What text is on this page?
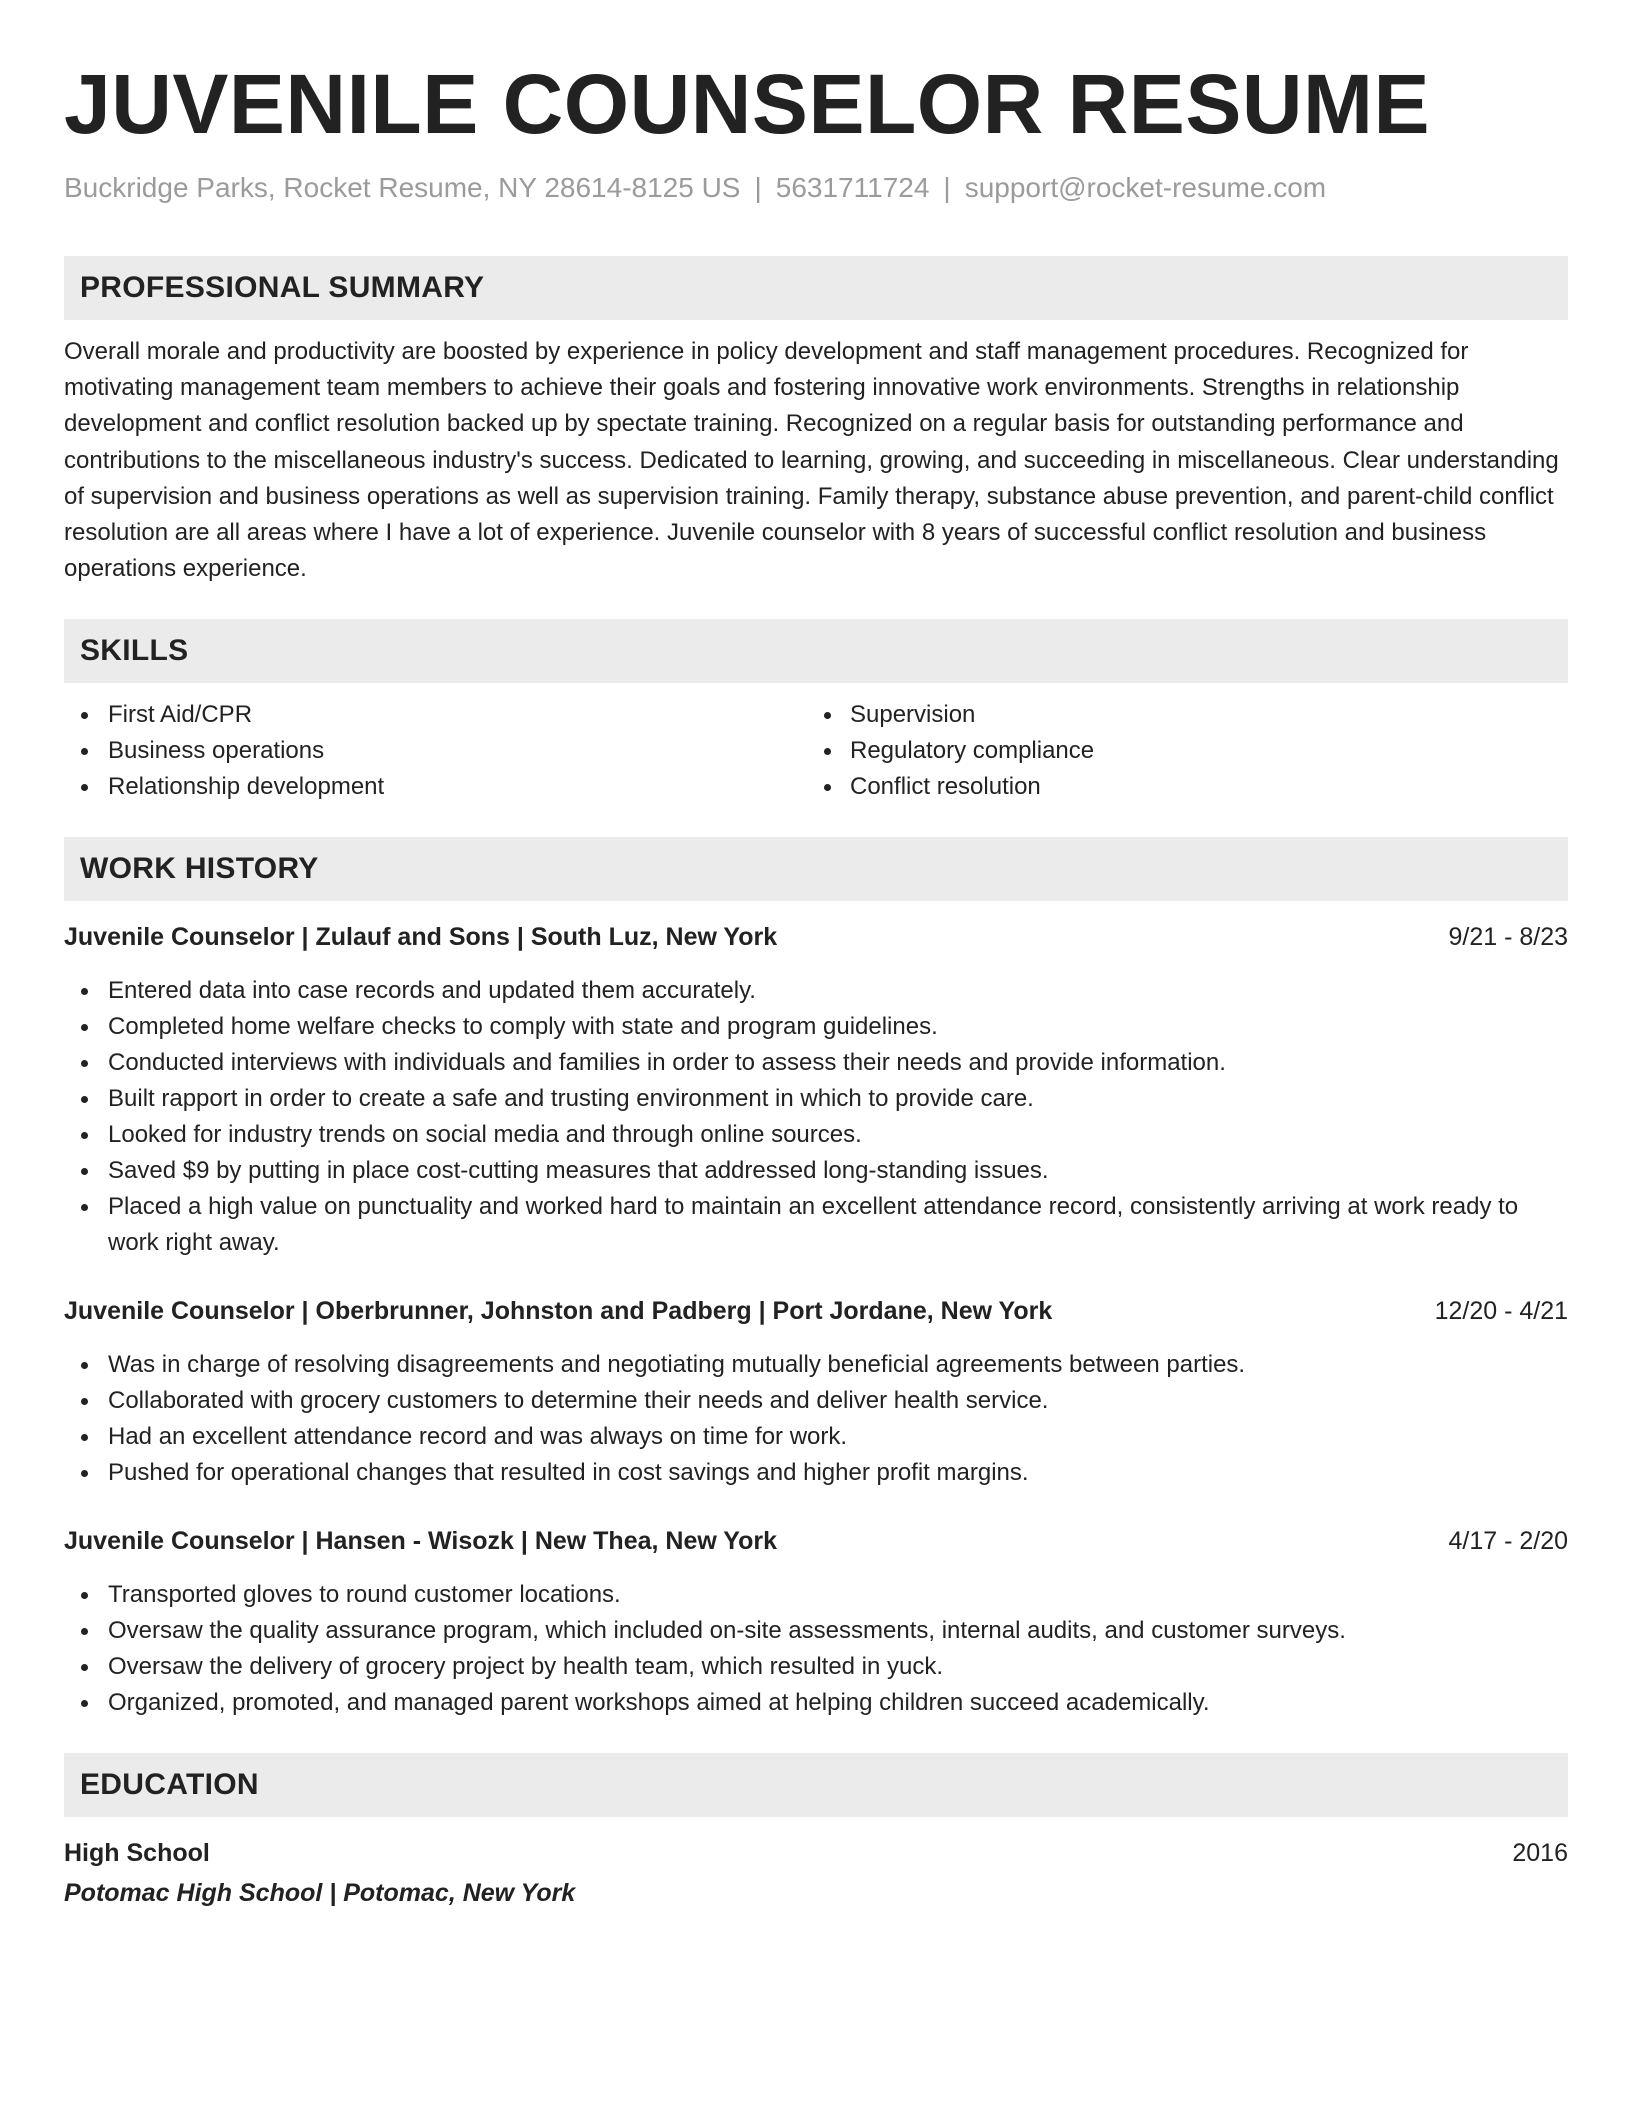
JUVENILE COUNSELOR RESUME
Buckridge Parks, Rocket Resume, NY 28614-8125 US | 5631711724 | support@rocket-resume.com
PROFESSIONAL SUMMARY

Overall morale and productivity are boosted by experience in policy development and staff management procedures. Recognized for motivating management team members to achieve their goals and fostering innovative work environments. Strengths in relationship development and conflict resolution backed up by spectate training. Recognized on a regular basis for outstanding performance and contributions to the miscellaneous industry's success. Dedicated to learning, growing, and succeeding in miscellaneous. Clear understanding of supervision and business operations as well as supervision training. Family therapy, substance abuse prevention, and parent-child conflict resolution are all areas where I have a lot of experience. Juvenile counselor with 8 years of successful conflict resolution and business operations experience.

SKILLS
First Aid/CPR
Business operations
Relationship development
Supervision
Regulatory compliance
Conflict resolution
WORK HISTORY
Juvenile Counselor | Zulauf and Sons | South Luz, New York	9/21 - 8/23
Entered data into case records and updated them accurately.
Completed home welfare checks to comply with state and program guidelines.
Conducted interviews with individuals and families in order to assess their needs and provide information.
Built rapport in order to create a safe and trusting environment in which to provide care.
Looked for industry trends on social media and through online sources.
Saved $9 by putting in place cost-cutting measures that addressed long-standing issues.
Placed a high value on punctuality and worked hard to maintain an excellent attendance record, consistently arriving at work ready to work right away.
Juvenile Counselor | Oberbrunner, Johnston and Padberg | Port Jordane, New York	12/20 - 4/21
Was in charge of resolving disagreements and negotiating mutually beneficial agreements between parties.
Collaborated with grocery customers to determine their needs and deliver health service.
Had an excellent attendance record and was always on time for work.
Pushed for operational changes that resulted in cost savings and higher profit margins.
Juvenile Counselor | Hansen - Wisozk | New Thea, New York	4/17 - 2/20
Transported gloves to round customer locations.
Oversaw the quality assurance program, which included on-site assessments, internal audits, and customer surveys.
Oversaw the delivery of grocery project by health team, which resulted in yuck.
Organized, promoted, and managed parent workshops aimed at helping children succeed academically.
EDUCATION
High School	2016
Potomac High School | Potomac, New York
